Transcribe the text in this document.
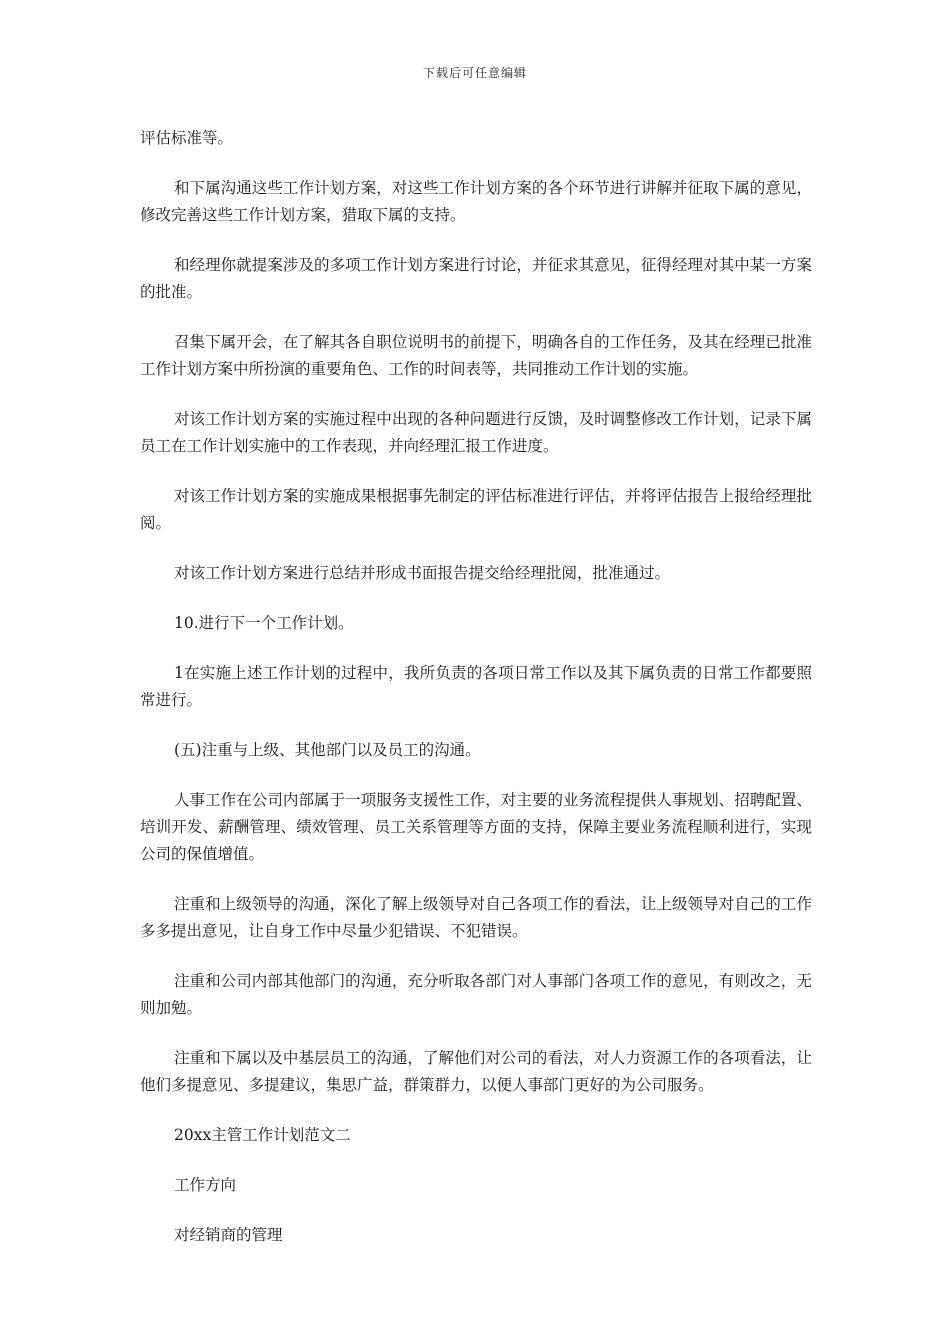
下载后可任意编辑

评估标准等。

和下属沟通这些工作计划方案，对这些工作计划方案的各个环节进行讲解并征取下属的意见，修改完善这些工作计划方案，猎取下属的支持。

和经理你就提案涉及的多项工作计划方案进行讨论，并征求其意见，征得经理对其中某一方案的批准。

召集下属开会，在了解其各自职位说明书的前提下，明确各自的工作任务，及其在经理已批准工作计划方案中所扮演的重要角色、工作的时间表等，共同推动工作计划的实施。

对该工作计划方案的实施过程中出现的各种问题进行反馈，及时调整修改工作计划，记录下属员工在工作计划实施中的工作表现，并向经理汇报工作进度。

对该工作计划方案的实施成果根据事先制定的评估标准进行评估，并将评估报告上报给经理批阅。

对该工作计划方案进行总结并形成书面报告提交给经理批阅，批准通过。

10.进行下一个工作计划。

1在实施上述工作计划的过程中，我所负责的各项日常工作以及其下属负责的日常工作都要照常进行。

(五)注重与上级、其他部门以及员工的沟通。

人事工作在公司内部属于一项服务支援性工作，对主要的业务流程提供人事规划、招聘配置、培训开发、薪酬管理、绩效管理、员工关系管理等方面的支持，保障主要业务流程顺利进行，实现公司的保值增值。

注重和上级领导的沟通，深化了解上级领导对自己各项工作的看法，让上级领导对自己的工作多多提出意见，让自身工作中尽量少犯错误、不犯错误。

注重和公司内部其他部门的沟通，充分听取各部门对人事部门各项工作的意见，有则改之，无则加勉。

注重和下属以及中基层员工的沟通，了解他们对公司的看法，对人力资源工作的各项看法，让他们多提意见、多提建议，集思广益，群策群力，以便人事部门更好的为公司服务。

20xx主管工作计划范文二

工作方向

对经销商的管理
